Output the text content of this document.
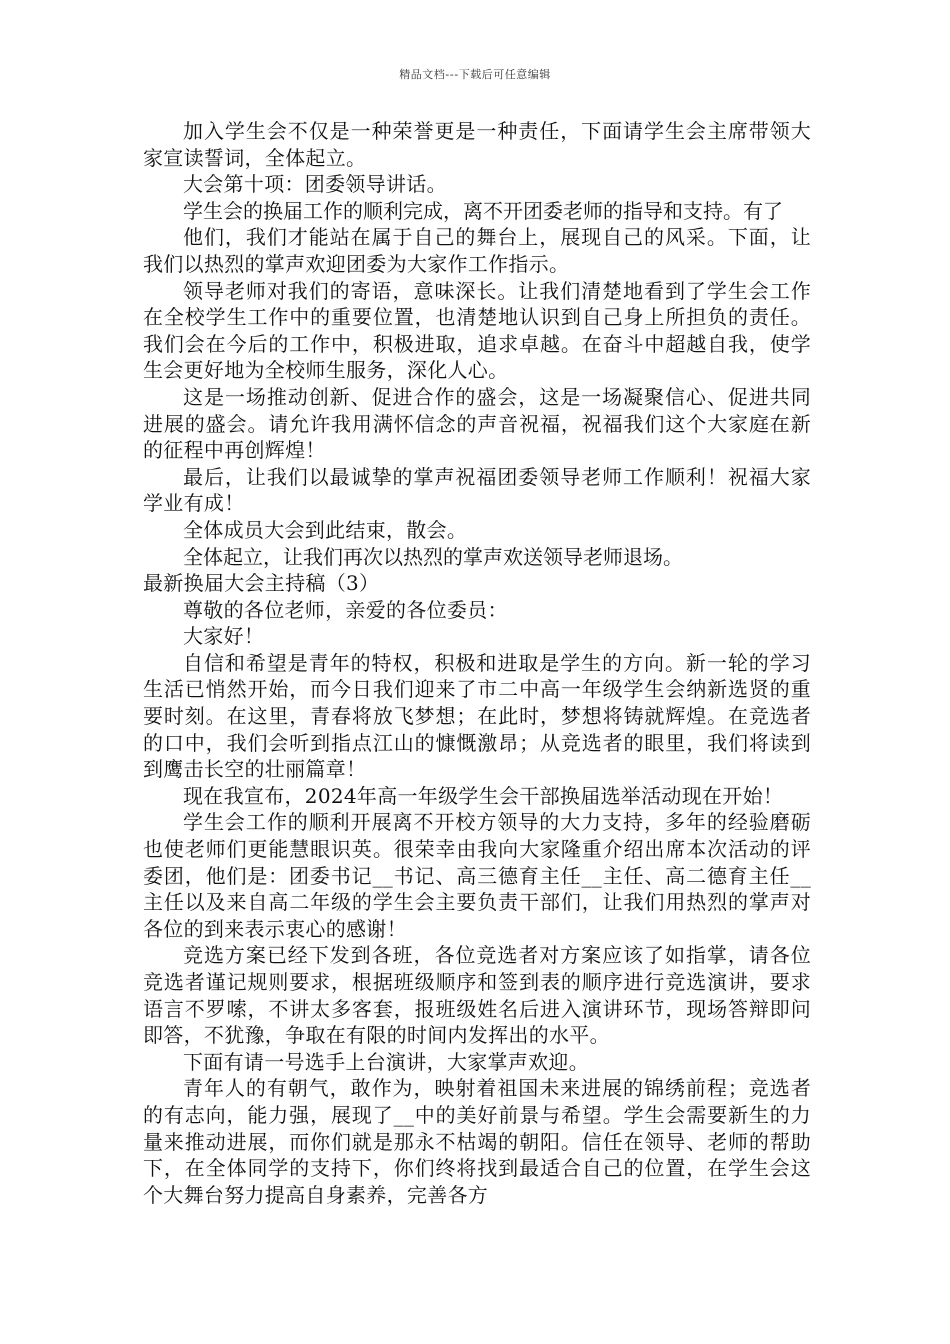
精品文档---下载后可任意编辑

加入学生会不仅是一种荣誉更是一种责任，下面请学生会主席带领大家宣读誓词，全体起立。

大会第十项：团委领导讲话。

学生会的换届工作的顺利完成，离不开团委老师的指导和支持。有了

他们，我们才能站在属于自己的舞台上，展现自己的风采。下面，让我们以热烈的掌声欢迎团委为大家作工作指示。

领导老师对我们的寄语，意味深长。让我们清楚地看到了学生会工作在全校学生工作中的重要位置，也清楚地认识到自己身上所担负的责任。我们会在今后的工作中，积极进取，追求卓越。在奋斗中超越自我，使学生会更好地为全校师生服务，深化人心。

这是一场推动创新、促进合作的盛会，这是一场凝聚信心、促进共同进展的盛会。请允许我用满怀信念的声音祝福，祝福我们这个大家庭在新的征程中再创辉煌！

最后，让我们以最诚挚的掌声祝福团委领导老师工作顺利！祝福大家学业有成！

全体成员大会到此结束，散会。

全体起立，让我们再次以热烈的掌声欢送领导老师退场。

最新换届大会主持稿（3）

尊敬的各位老师，亲爱的各位委员：

大家好！

自信和希望是青年的特权，积极和进取是学生的方向。新一轮的学习生活已悄然开始，而今日我们迎来了市二中高一年级学生会纳新选贤的重要时刻。在这里，青春将放飞梦想；在此时，梦想将铸就辉煌。在竞选者的口中，我们会听到指点江山的慷慨激昂；从竞选者的眼里，我们将读到到鹰击长空的壮丽篇章！

现在我宣布，2024年高一年级学生会干部换届选举活动现在开始！

学生会工作的顺利开展离不开校方领导的大力支持，多年的经验磨砺也使老师们更能慧眼识英。很荣幸由我向大家隆重介绍出席本次活动的评委团，他们是：团委书记__书记、高三德育主任__主任、高二德育主任__主任以及来自高二年级的学生会主要负责干部们，让我们用热烈的掌声对各位的到来表示衷心的感谢！

竞选方案已经下发到各班，各位竞选者对方案应该了如指掌，请各位竞选者谨记规则要求，根据班级顺序和签到表的顺序进行竞选演讲，要求语言不罗嗦，不讲太多客套，报班级姓名后进入演讲环节，现场答辩即问即答，不犹豫，争取在有限的时间内发挥出的水平。

下面有请一号选手上台演讲，大家掌声欢迎。

青年人的有朝气，敢作为，映射着祖国未来进展的锦绣前程；竞选者的有志向，能力强，展现了__中的美好前景与希望。学生会需要新生的力量来推动进展，而你们就是那永不枯竭的朝阳。信任在领导、老师的帮助下，在全体同学的支持下，你们终将找到最适合自己的位置，在学生会这个大舞台努力提高自身素养，完善各方
